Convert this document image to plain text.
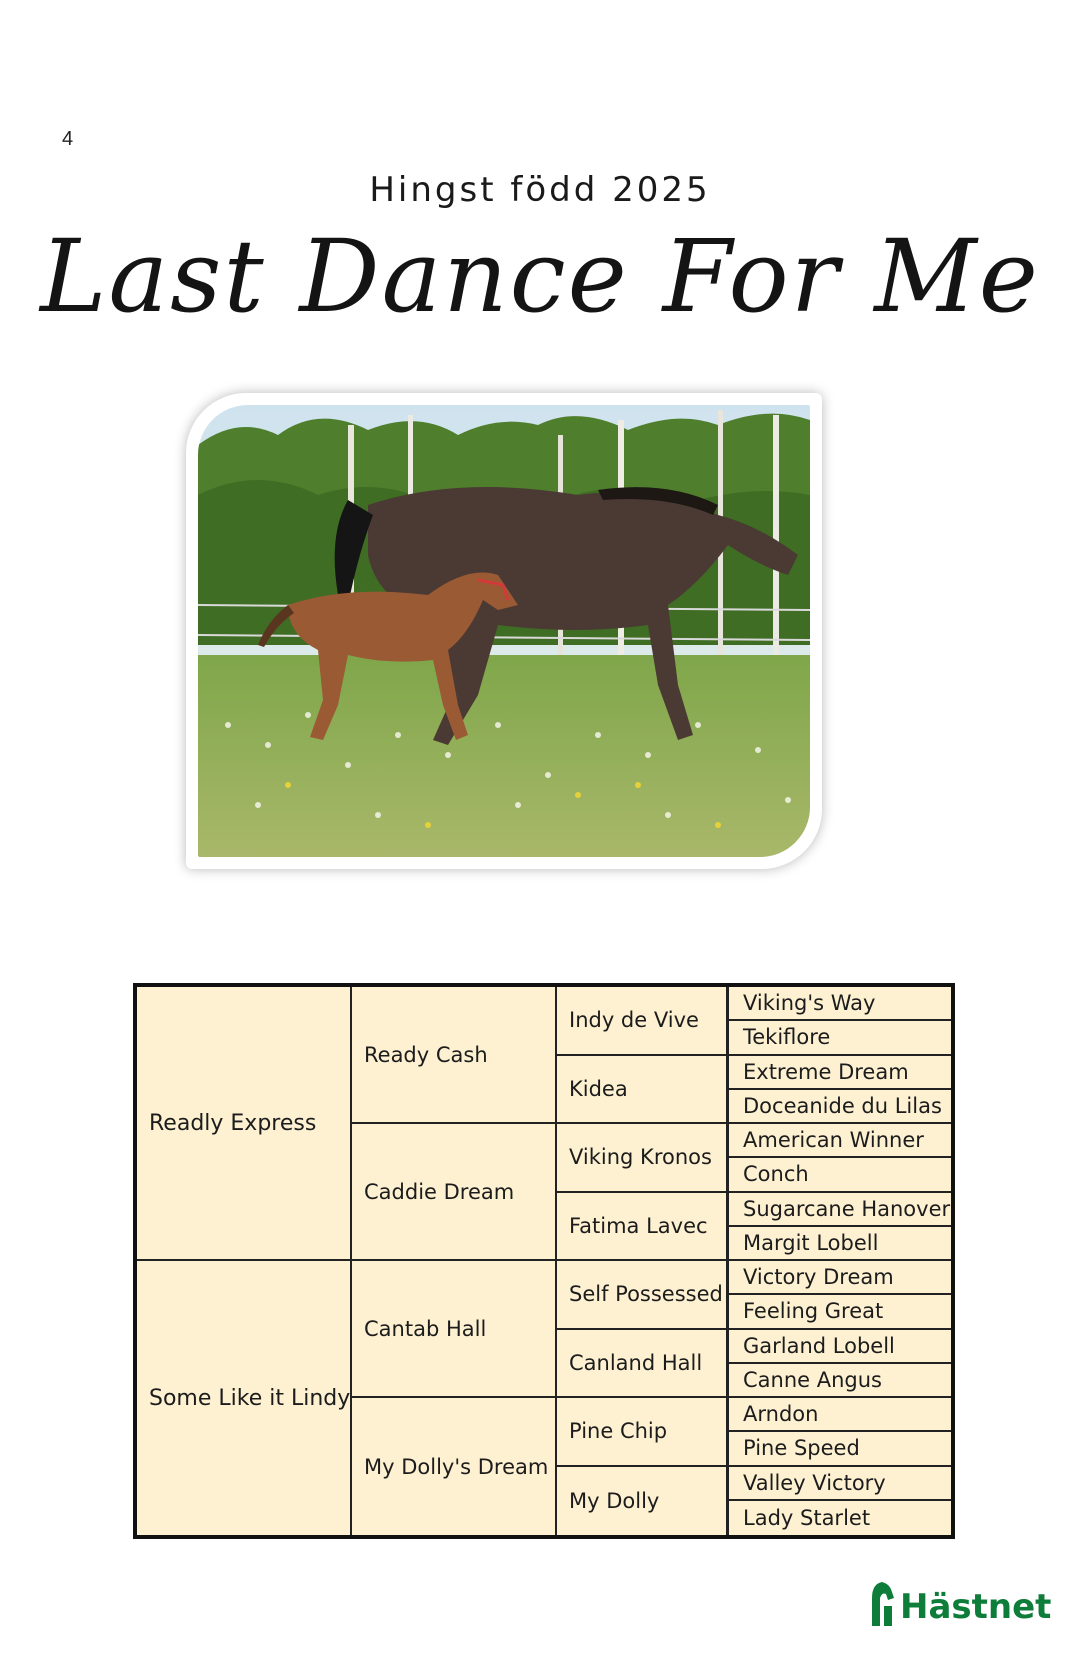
4
Hingst född 2025
Last Dance For Me
Readly Express
Some Like it Lindy
Ready Cash
Caddie Dream
Cantab Hall
My Dolly's Dream
Indy de Vive
Kidea
Viking Kronos
Fatima Lavec
Self Possessed
Canland Hall
Pine Chip
My Dolly
Viking's Way
Tekiflore
Extreme Dream
Doceanide du Lilas
American Winner
Conch
Sugarcane Hanover
Margit Lobell
Victory Dream
Feeling Great
Garland Lobell
Canne Angus
Arndon
Pine Speed
Valley Victory
Lady Starlet
Hästnet
